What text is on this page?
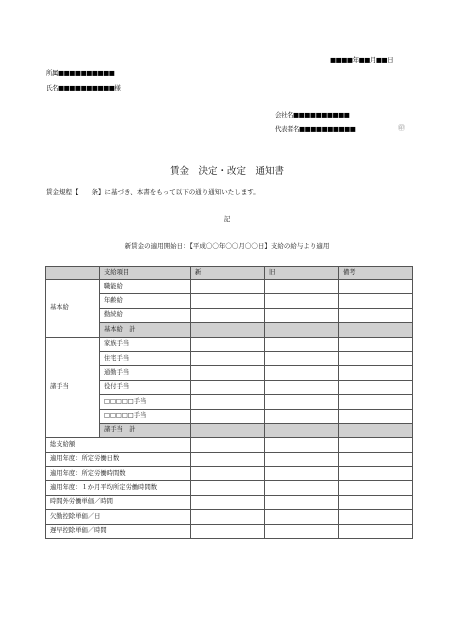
■■■■年■■月■■日
所属■■■■■■■■■■
氏名■■■■■■■■■■様
会社名■■■■■■■■■■
代表者名■■■■■■■■■■	㊞
賃金　決定・改定　通知書
賃金規程【　　条】に基づき、本書をもって以下の通り通知いたします。
記
新賃金の適用開始日：【平成〇〇年〇〇月〇〇日】支給の給与より適用
	支給項目	新	旧	備考
基本給	職能給			
	年齢給			
	勤続給			
	基本給　計			
諸手当	家族手当			
	住宅手当			
	通勤手当			
	役付手当			
	□□□□□手当			
	□□□□□手当			
	諸手当　計			
総支給額				
適用年度：所定労働日数				
適用年度：所定労働時間数				
適用年度：１か月平均所定労働時間数				
時間外労働単価／時間				
欠勤控除単価／日				
遅早控除単価／時間				
